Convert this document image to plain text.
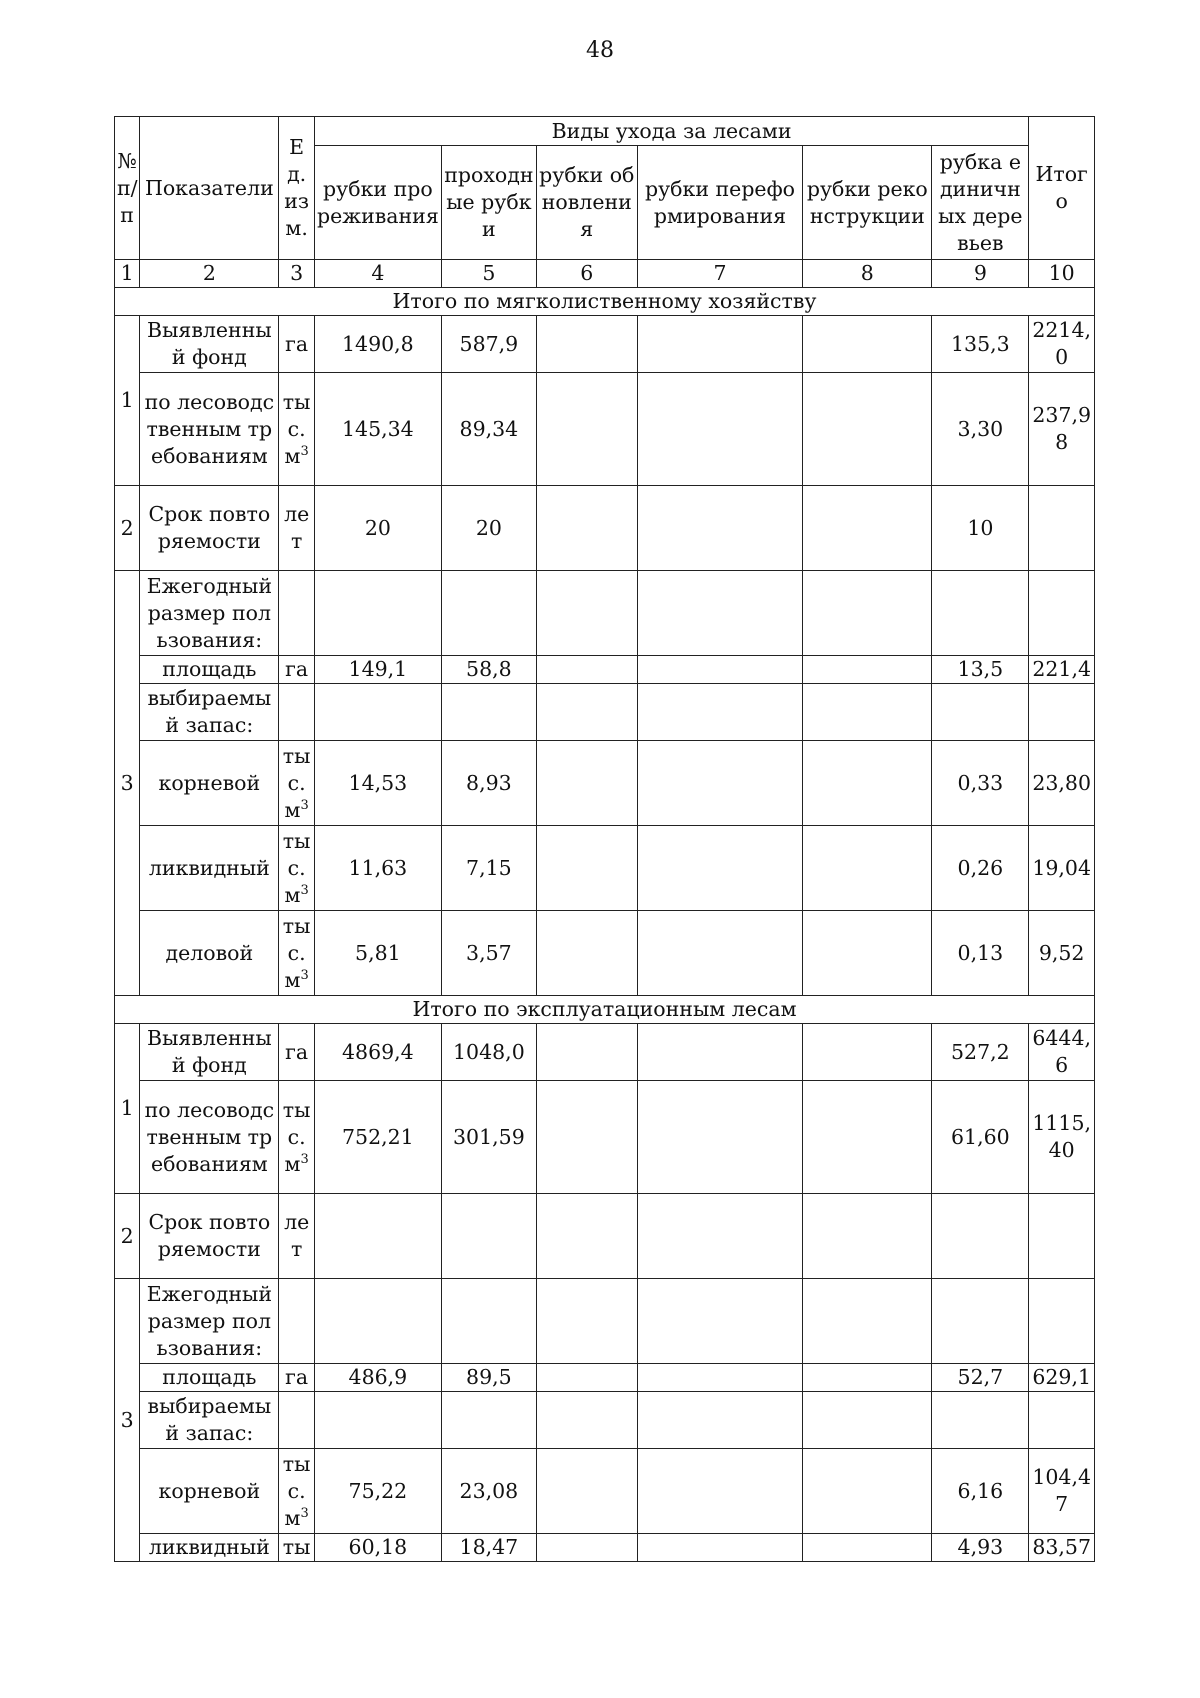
48
№ п/п	Показатели	Ед. изм.	Виды ухода за лесами						Итого
			рубки прореживания	проходные рубки	рубки обновления	рубки переформирования	рубки реконструкции	рубка единичных деревьев	
1	2	3	4	5	6	7	8	9	10
Итого по мягколиственному хозяйству									
1	Выявленный фонд	га	1490,8	587,9				135,3	2214,0
	по лесоводственным требованиям	ты
с.
$м^3$	145,34	89,34				3,30	237,98
2	Срок повторяемости	лет	20	20				10	
3	Ежегодный размер пользования:								
	площадь	га	149,1	58,8				13,5	221,4
	выбираемый запас:								
	корневой	ты
с.
$м^3$	14,53	8,93				0,33	23,80
	ликвидный	ты
с.
$м^3$	11,63	7,15				0,26	19,04
	деловой	ты
с.
$м^3$	5,81	3,57				0,13	9,52
Итого по эксплуатационным лесам									
1	Выявленный фонд	га	4869,4	1048,0				527,2	6444,6
	по лесоводственным требованиям	ты
с.
$м^3$	752,21	301,59				61,60	1115,40
2	Срок повторяемости	лет							
3	Ежегодный размер пользования:								
	площадь	га	486,9	89,5				52,7	629,1
	выбираемый запас:								
	корневой	ты
с.
$м^3$	75,22	23,08				6,16	104,47
	ликвидный	ты	60,18	18,47				4,93	83,57
